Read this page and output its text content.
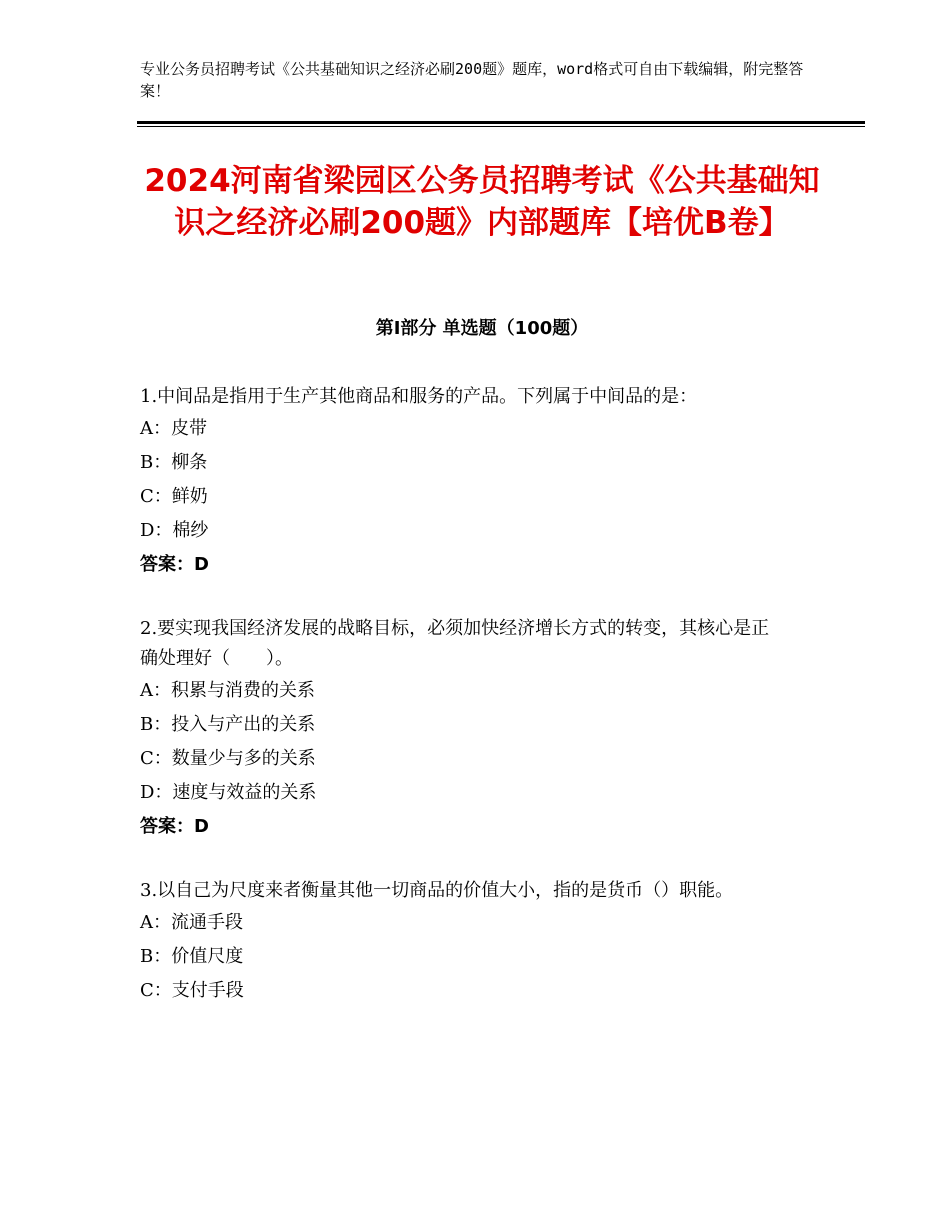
专业公务员招聘考试《公共基础知识之经济必刷200题》题库，word格式可自由下载编辑，附完整答案！
2024河南省梁园区公务员招聘考试《公共基础知识之经济必刷200题》内部题库【培优B卷】
第Ⅰ部分 单选题（100题）
1.中间品是指用于生产其他商品和服务的产品。下列属于中间品的是：
A：皮带
B：柳条
C：鲜奶
D：棉纱
答案：D
2.要实现我国经济发展的战略目标，必须加快经济增长方式的转变，其核心是正确处理好（　　）。
A：积累与消费的关系
B：投入与产出的关系
C：数量少与多的关系
D：速度与效益的关系
答案：D
3.以自己为尺度来者衡量其他一切商品的价值大小，指的是货币（）职能。
A：流通手段
B：价值尺度
C：支付手段
